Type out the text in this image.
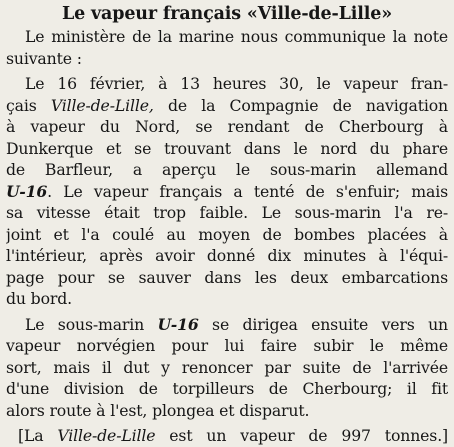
Le vapeur français «Ville-de-Lille»
Le ministère de la marine nous communique la note
suivante :
Le 16 février, à 13 heures 30, le vapeur fran-
çais Ville-de-Lille, de la Compagnie de navigation
à vapeur du Nord, se rendant de Cherbourg à
Dunkerque et se trouvant dans le nord du phare
de Barfleur, a aperçu le sous-marin allemand
U-16. Le vapeur français a tenté de s'enfuir; mais
sa vitesse était trop faible. Le sous-marin l'a re-
joint et l'a coulé au moyen de bombes placées à
l'intérieur, après avoir donné dix minutes à l'équi-
page pour se sauver dans les deux embarcations
du bord.
Le sous-marin U-16 se dirigea ensuite vers un
vapeur norvégien pour lui faire subir le même
sort, mais il dut y renoncer par suite de l'arrivée
d'une division de torpilleurs de Cherbourg; il fit
alors route à l'est, plongea et disparut.
[La Ville-de-Lille est un vapeur de 997 tonnes.]
